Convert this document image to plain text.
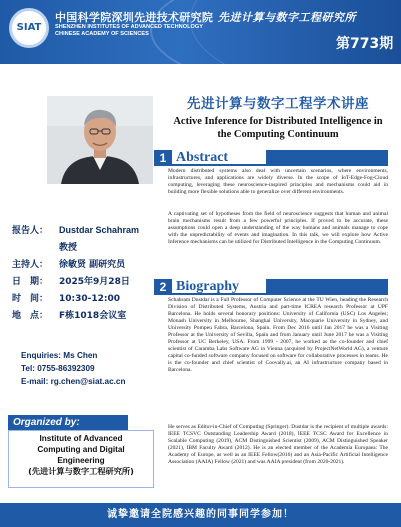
SIAT
中国科学院深圳先进技术研究院
SHENZHEN INSTITUTES OF ADVANCED TECHNOLOGY
CHINESE ACADEMY OF SCIENCES
先进计算与数字工程研究所
第773期
先进计算与数字工程学术讲座
Active Inference for Distributed Intelligence in the Computing Continuum
1 Abstract
Modern distributed systems also deal with uncertain scenarios, where environments, infrastructures, and applications are widely diverse. In the scope of IoT-Edge-Fog-Cloud computing, leveraging these neuroscience-inspired principles and mechanisms could aid in building more flexible solutions able to generalize over different environments.
A captivating set of hypotheses from the field of neuroscience suggests that human and animal brain mechanisms result from a few powerful principles. If proved to be accurate, these assumptions could open a deep understanding of the way humans and animals manage to cope with the unpredictability of events and imagination. In this talk, we will explore how Active Inference mechanisms can be utilized for Distributed Intelligence in the Computing Continuum.
2 Biography
Schahram Dustdar is a Full Professor of Computer Science at the TU Wien, heading the Research Division of Distributed Systems, Austria and part-time ICREA research Professor at UPF Barcelona. He holds several honorary positions: University of California (USC) Los Angeles; Monash University in Melbourne, Shanghai University, Macquarie University in Sydney, and University Pompeu Fabra, Barcelona, Spain. From Dec 2016 until Jan 2017 he was a Visiting Professor at the University of Sevilla, Spain and from January until June 2017 he was a Visiting Professor at UC Berkeley, USA. From 1999 - 2007, he worked as the co-founder and chief scientist of Caramba Labs Software AG in Vienna (acquired by ProjectNetWorld AG), a venture capital co-funded software company focused on software for collaborative processes in teams. He is the co-founder and chief scientist of Coovally.ai, an AI infrastructure company based in Barcelona.
He serves as Editor-in-Chief of Computing (Springer). Dustdar is the recipient of multiple awards: IEEE TCSVC Outstanding Leadership Award (2018), IEEE TCSC Award for Excellence in Scalable Computing (2019), ACM Distinguished Scientist (2009), ACM Distinguished Speaker (2021), IBM Faculty Award (2012). He is an elected member of the Academia Europaea: The Academy of Europe, as well as an IEEE Fellow(2016) and an Asia-Pacific Artificial Intelligence Association (AAIA) Fellow (2021) and was AAIA president (from 2020-2021).
报告人： Dustdar Schahram
教授
主持人： 徐敏贤 副研究员
日　期： 2025年9月28日
时　间： 10:30-12:00
地　点： F栋1018会议室
Enquiries: Ms Chen
Tel: 0755-86392309
E-mail: rg.chen@siat.ac.cn
Organized by:
Institute of Advanced
Computing and Digital
Engineering
(先进计算与数字工程研究所)
诚挚邀请全院感兴趣的同事同学参加！
